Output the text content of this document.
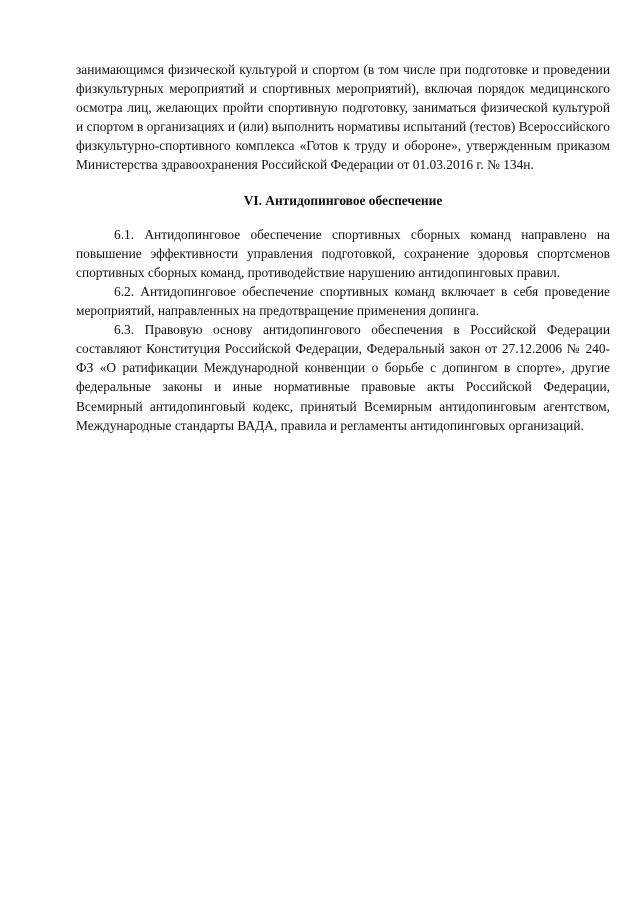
занимающимся физической культурой и спортом (в том числе при подготовке и проведении физкультурных мероприятий и спортивных мероприятий), включая порядок медицинского осмотра лиц, желающих пройти спортивную подготовку, заниматься физической культурой и спортом в организациях и (или) выполнить нормативы испытаний (тестов) Всероссийского физкультурно-спортивного комплекса «Готов к труду и обороне», утвержденным приказом Министерства здравоохранения Российской Федерации от 01.03.2016 г. № 134н.

VI. Антидопинговое обеспечение

6.1. Антидопинговое обеспечение спортивных сборных команд направлено на повышение эффективности управления подготовкой, сохранение здоровья спортсменов спортивных сборных команд, противодействие нарушению антидопинговых правил.

6.2. Антидопинговое обеспечение спортивных команд включает в себя проведение мероприятий, направленных на предотвращение применения допинга.

6.3. Правовую основу антидопингового обеспечения в Российской Федерации составляют Конституция Российской Федерации, Федеральный закон от 27.12.2006 № 240-ФЗ «О ратификации Международной конвенции о борьбе с допингом в спорте», другие федеральные законы и иные нормативные правовые акты Российской Федерации, Всемирный антидопинговый кодекс, принятый Всемирным антидопинговым агентством, Международные стандарты ВАДА, правила и регламенты антидопинговых организаций.
